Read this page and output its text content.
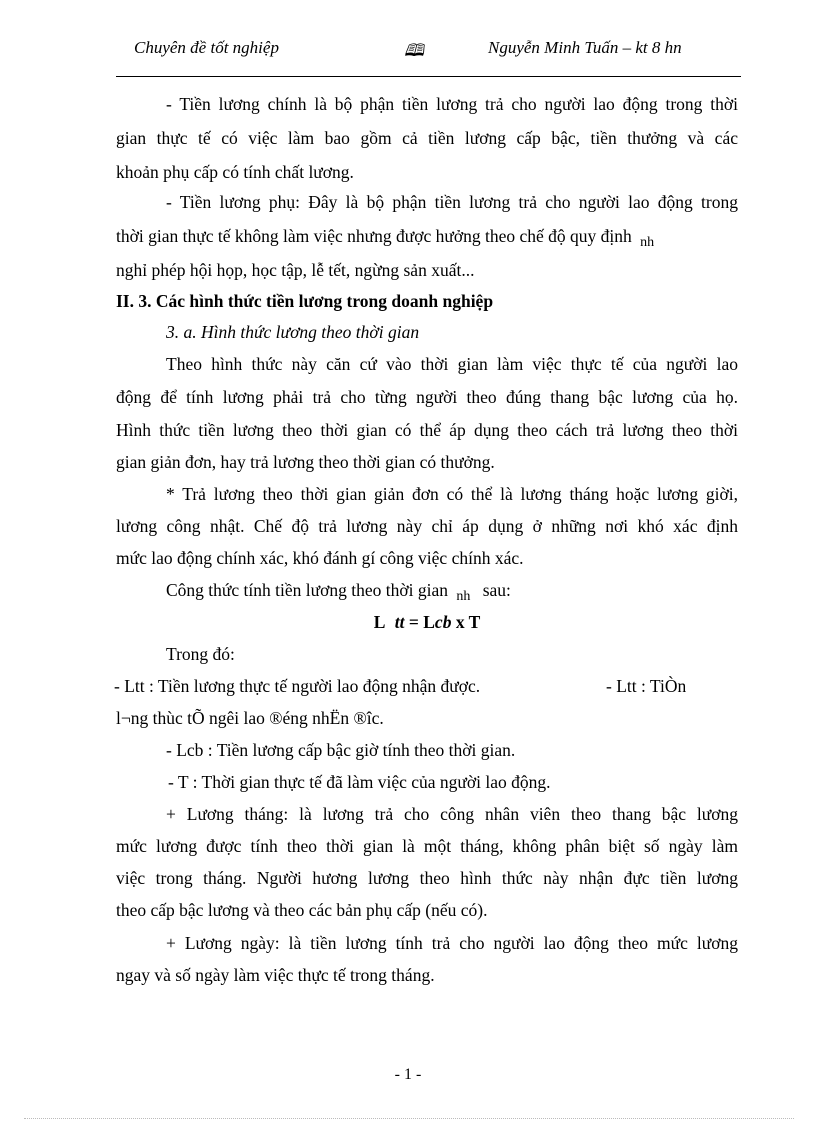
Chuyên đề tốt nghiệp	🕮	Nguyễn Minh Tuấn – kt 8 hn
- Tiền lương chính là bộ phận tiền lương trả cho người lao động trong thời
gian thực tế có việc làm bao gồm cả tiền lương cấp bậc, tiền thưởng và các
khoản phụ cấp có tính chất lương.
- Tiền lương phụ: Đây là bộ phận tiền lương trả cho người lao động trong
thời gian thực tế không làm việc nhưng được hưởng theo chế độ quy định $_{nh}$
nghỉ phép hội họp, học tập, lễ tết, ngừng sản xuất...
II. 3. Các hình thức tiền lương trong doanh nghiệp
3. a. Hình thức lương theo thời gian
Theo hình thức này căn cứ vào thời gian làm việc thực tế của người lao
động để tính lương phải trả cho từng người theo đúng thang bậc lương của họ.
Hình thức tiền lương theo thời gian có thể áp dụng theo cách trả lương theo thời
gian giản đơn, hay trả lương theo thời gian có thưởng.
* Trả lương theo thời gian giản đơn có thể là lương tháng hoặc lương giời,
lương công nhật. Chế độ trả lương này chỉ áp dụng ở những nơi khó xác định
mức lao động chính xác, khó đánh gí công việc chính xác.
Công thức tính tiền lương theo thời gian $_{nh}$ sau:
L tt = Lcb x T
Trong đó:
- Ltt : Tiền lương thực tế người lao động nhận được.	- Ltt : TiÒn
l¬ng thùc tÕ ngêi lao ®éng nhËn ®îc.
- Lcb : Tiền lương cấp bậc giờ tính theo thời gian.
- T : Thời gian thực tế đã làm việc của người lao động.
+ Lương tháng: là lương trả cho công nhân viên theo thang bậc lương
mức lương được tính theo thời gian là một tháng, không phân biệt số ngày làm
việc trong tháng. Người hương lương theo hình thức này nhận đực tiền lương
theo cấp bậc lương và theo các bản phụ cấp (nếu có).
+ Lương ngày: là tiền lương tính trả cho người lao động theo mức lương
ngay và số ngày làm việc thực tế trong tháng.
- 1 -
